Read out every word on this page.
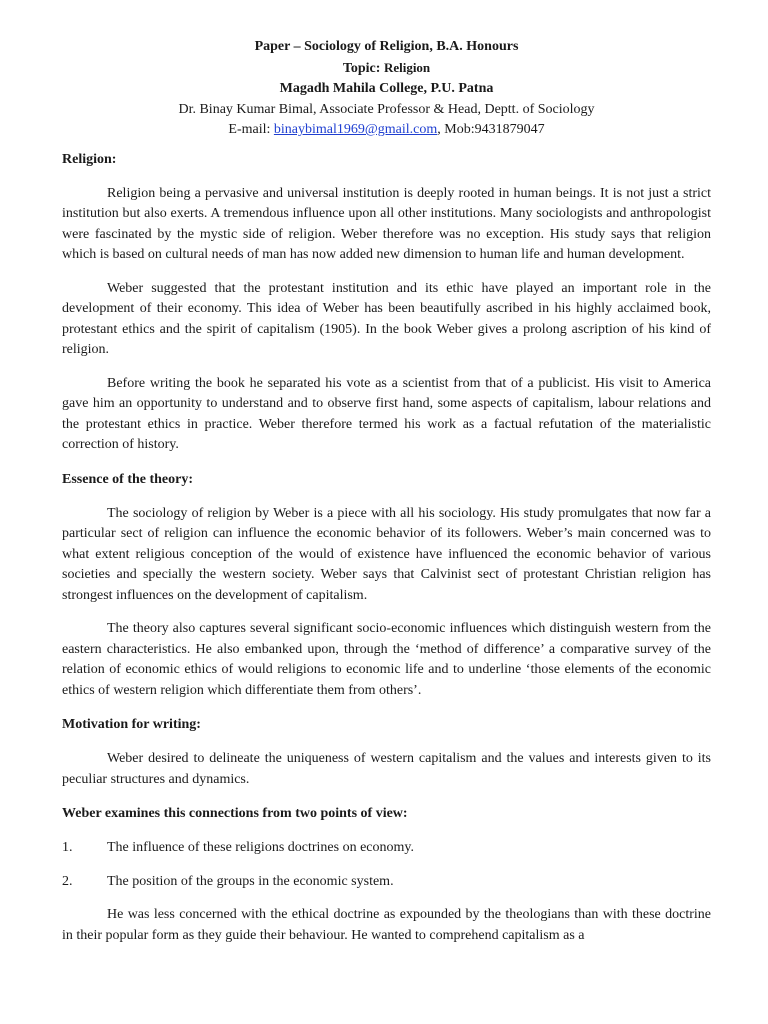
Paper – Sociology of Religion, B.A. Honours
Topic: Religion
Magadh Mahila College, P.U. Patna
Dr. Binay Kumar Bimal, Associate Professor & Head, Deptt. of Sociology
E-mail: binaybimal1969@gmail.com, Mob:9431879047
Religion:

Religion being a pervasive and universal institution is deeply rooted in human beings. It is not just a strict institution but also exerts. A tremendous influence upon all other institutions. Many sociologists and anthropologist were fascinated by the mystic side of religion. Weber therefore was no exception. His study says that religion which is based on cultural needs of man has now added new dimension to human life and human development.

Weber suggested that the protestant institution and its ethic have played an important role in the development of their economy. This idea of Weber has been beautifully ascribed in his highly acclaimed book, protestant ethics and the spirit of capitalism (1905). In the book Weber gives a prolong ascription of his kind of religion.

Before writing the book he separated his vote as a scientist from that of a publicist. His visit to America gave him an opportunity to understand and to observe first hand, some aspects of capitalism, labour relations and the protestant ethics in practice. Weber therefore termed his work as a factual refutation of the materialistic correction of history.

Essence of the theory:

The sociology of religion by Weber is a piece with all his sociology. His study promulgates that now far a particular sect of religion can influence the economic behavior of its followers. Weber’s main concerned was to what extent religious conception of the would of existence have influenced the economic behavior of various societies and specially the western society. Weber says that Calvinist sect of protestant Christian religion has strongest influences on the development of capitalism.

The theory also captures several significant socio-economic influences which distinguish western from the eastern characteristics. He also embanked upon, through the ‘method of difference’ a comparative survey of the relation of economic ethics of would religions to economic life and to underline ‘those elements of the economic ethics of western religion which differentiate them from others’.

Motivation for writing:

Weber desired to delineate the uniqueness of western capitalism and the values and interests given to its peculiar structures and dynamics.

Weber examines this connections from two points of view:
1.	The influence of these religions doctrines on economy.
2.	The position of the groups in the economic system.

He was less concerned with the ethical doctrine as expounded by the theologians than with these doctrine in their popular form as they guide their behaviour. He wanted to comprehend capitalism as a
